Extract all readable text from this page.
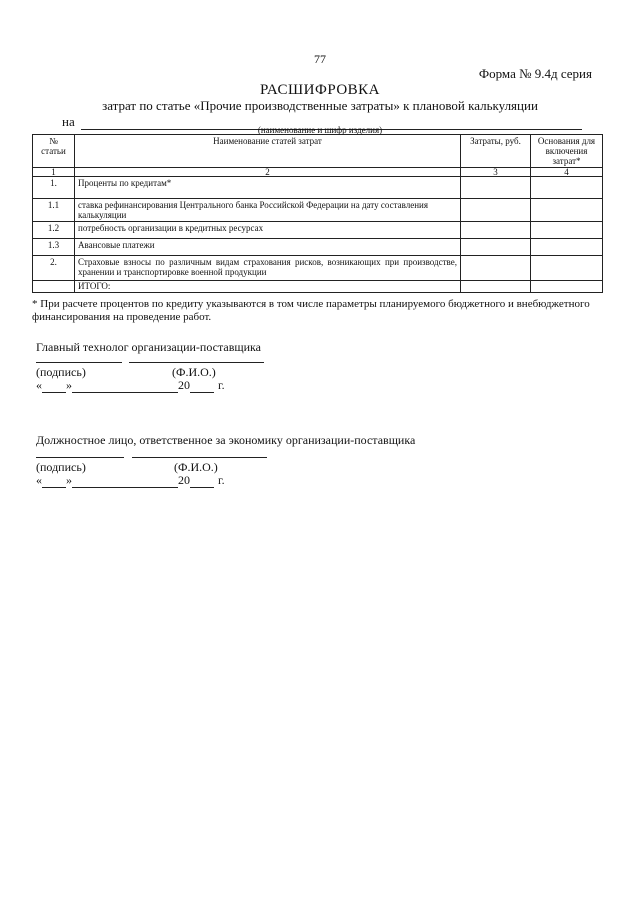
77
Форма № 9.4д серия
РАСШИФРОВКА
затрат по статье «Прочие производственные затраты» к плановой калькуляции
на
(наименование и шифр изделия)
№ статьи	Наименование статей затрат	Затраты, руб.	Основания для включения затрат*
1	2	3	4
1.	Проценты по кредитам*		
1.1	ставка рефинансирования Центрального банка Российской Федерации на дату составления калькуляции		
1.2	потребность организации в кредитных ресурсах		
1.3	Авансовые платежи		
2.	Страховые взносы по различным видам страхования рисков, возникающих при производстве, хранении и транспортировке военной продукции		
	ИТОГО:		
* При расчете процентов по кредиту указываются в том числе параметры планируемого бюджетного и внебюджетного финансирования на проведение работ.
Главный технолог организации-поставщика
(подпись)	(Ф.И.О.)
« »	20 г.
Должностное лицо, ответственное за экономику организации-поставщика
(подпись)	(Ф.И.О.)
« »	20 г.
